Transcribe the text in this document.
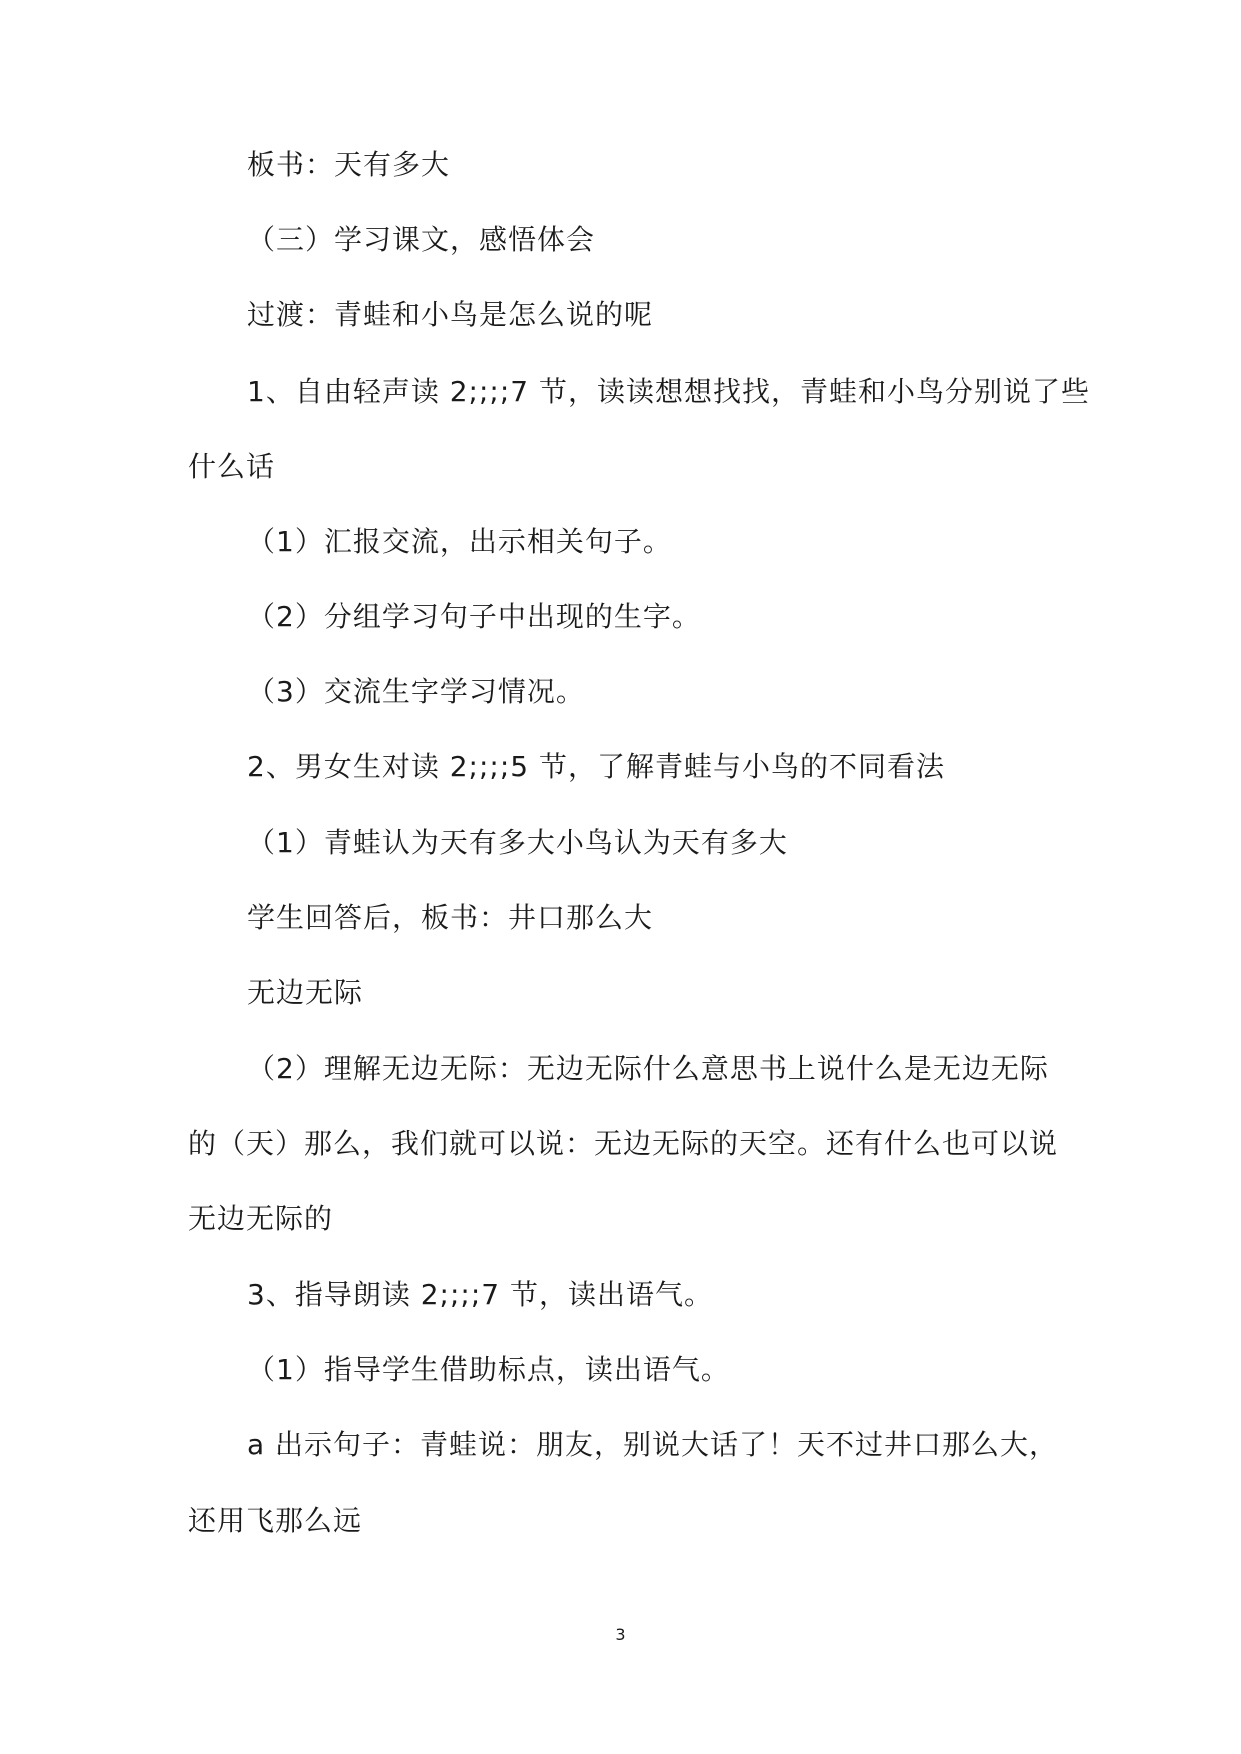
板书：天有多大
（三）学习课文，感悟体会
过渡：青蛙和小鸟是怎么说的呢
1、自由轻声读 2;;;;7 节，读读想想找找，青蛙和小鸟分别说了些
什么话
（1）汇报交流，出示相关句子。
（2）分组学习句子中出现的生字。
（3）交流生字学习情况。
2、男女生对读 2;;;;5 节，了解青蛙与小鸟的不同看法
（1）青蛙认为天有多大小鸟认为天有多大
学生回答后，板书：井口那么大
无边无际
（2）理解无边无际：无边无际什么意思书上说什么是无边无际
的（天）那么，我们就可以说：无边无际的天空。还有什么也可以说
无边无际的
3、指导朗读 2;;;;7 节，读出语气。
（1）指导学生借助标点，读出语气。
a 出示句子：青蛙说：朋友，别说大话了！天不过井口那么大，
还用飞那么远
3
